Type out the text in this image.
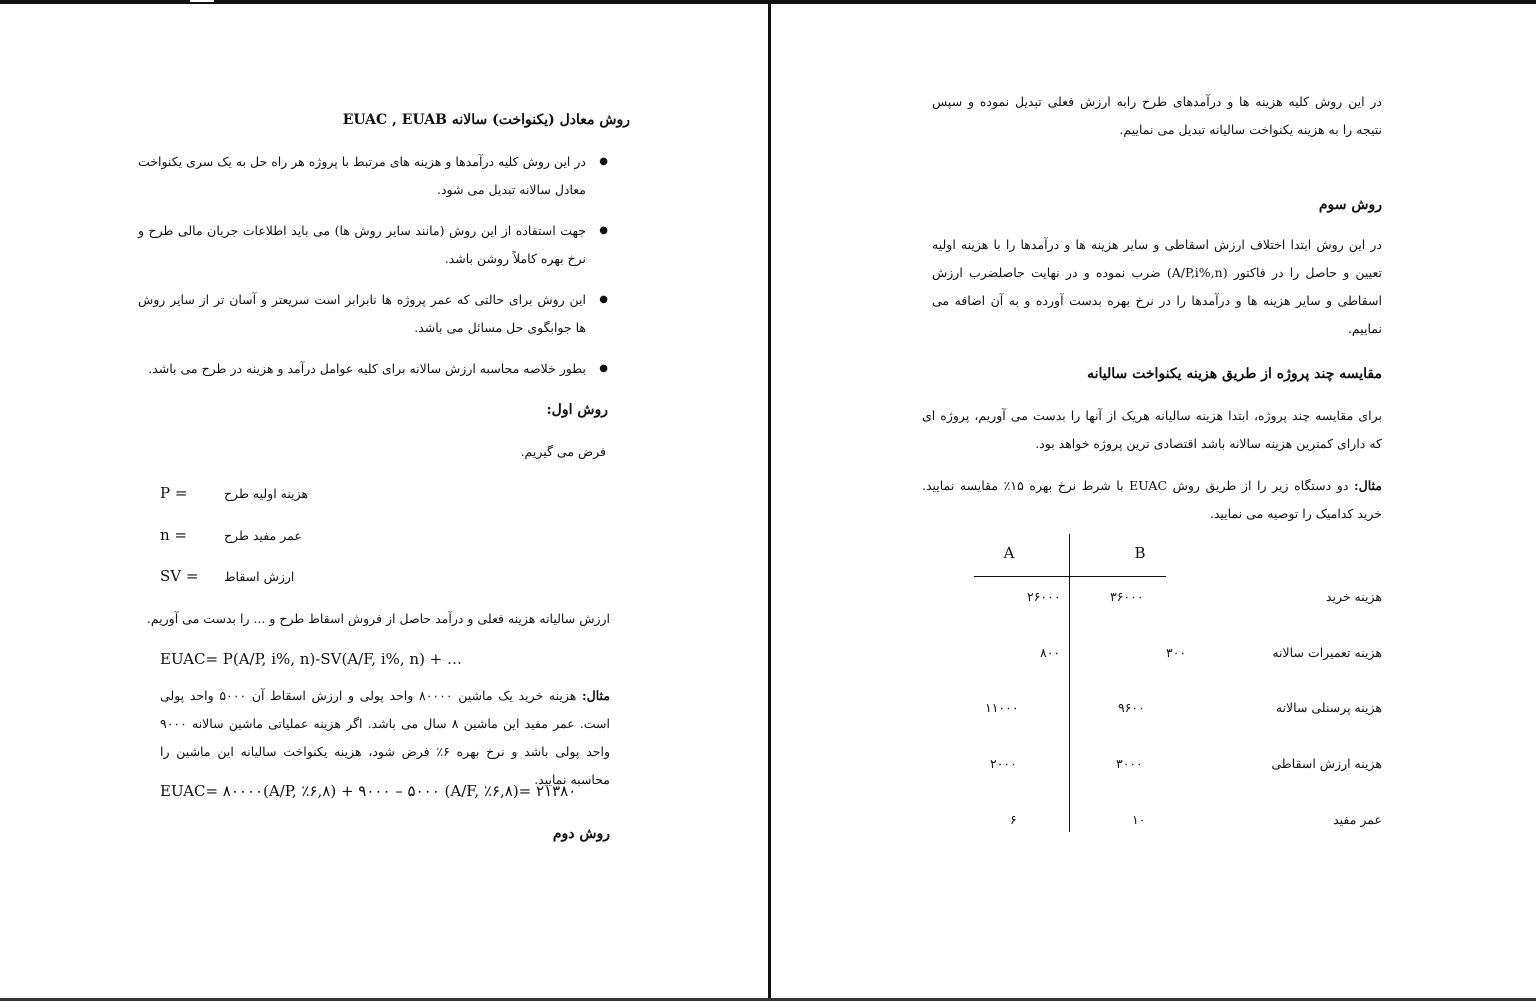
روش معادل (یکنواخت) سالانه EUAC , EUAB
● در این روش کلیه درآمدها و هزینه های مرتبط با پروژه هر راه حل به یک سری یکنواخت معادل سالانه تبدیل می شود.
● جهت استفاده از این روش (مانند سایر روش ها) می باید اطلاعات جریان مالی طرح و نرخ بهره کاملاً روشن باشد.
● این روش برای حالتی که عمر پروژه ها نابرابر است سریعتر و آسان تر از سایر روش ها جوابگوی حل مسائل می باشد.
● بطور خلاصه محاسبه ارزش سالانه برای کلیه عوامل درآمد و هزینه در طرح می باشد.
روش اول:
فرض می گیریم.
P =	هزینه اولیه طرح
n =	عمر مفید طرح
SV = ارزش اسقاط
ارزش سالیانه هزینه فعلی و درآمد حاصل از فروش اسقاط طرح و ... را بدست می آوریم.
EUAC= P(A/P, i%, n)-SV(A/F, i%, n) + …
مثال: هزینه خرید یک ماشین ۸۰۰۰۰ واحد پولی و ارزش اسقاط آن ۵۰۰۰ واحد پولی است. عمر مفید این ماشین ۸ سال می باشد. اگر هزینه عملیاتی ماشین سالانه ۹۰۰۰ واحد پولی باشد و نرخ بهره ۶٪ فرض شود، هزینه یکنواخت سالیانه این ماشین را محاسبه نمایید.
EUAC= ۸۰۰۰۰(A/P, ٪۶,۸) + ۹۰۰۰ – ۵۰۰۰ (A/F, ٪۶,۸)= ۲۱۳۸۰
روش دوم
در این روش کلیه هزینه ها و درآمدهای طرح رابه ارزش فعلی تبدیل نموده و سپس نتیجه را به هزینه یکنواخت سالیانه تبدیل می نماییم.
روش سوم
در این روش ابتدا اختلاف ارزش اسقاطی و سایر هزینه ها و درآمدها را با هزینه اولیه تعیین و حاصل را در فاکتور (A/P,i%,n) ضرب نموده و در نهایت حاصلضرب ارزش اسقاطی و سایر هزینه ها و درآمدها را در نرخ بهره بدست آورده و به آن اضافه می نماییم.
مقایسه چند پروژه از طریق هزینه یکنواخت سالیانه
برای مقایسه چند پروژه، ابتدا هزینه سالیانه هریک از آنها را بدست می آوریم، پروژه ای که دارای کمترین هزینه سالانه باشد اقتصادی ترین پروژه خواهد بود.
مثال: دو دستگاه زیر را از طریق روش EUAC با شرط نرخ بهره ۱۵٪ مقایسه نمایید. خرید کدامیک را توصیه می نمایید.
A	B
هزینه خرید
۲۶۰۰۰	۳۶۰۰۰
هزینه تعمیرات سالانه
۸۰۰	۳۰۰
هزینه پرسنلی سالانه
۱۱۰۰۰	۹۶۰۰
هزینه ارزش اسقاطی
۲۰۰۰	۳۰۰۰
عمر مفید
۶	۱۰
